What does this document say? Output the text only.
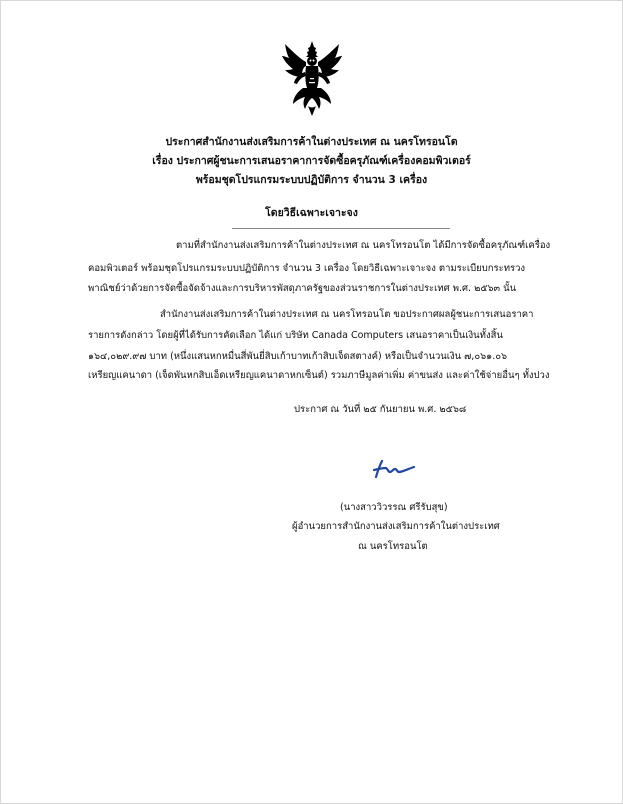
ประกาศสำนักงานส่งเสริมการค้าในต่างประเทศ ณ นครโทรอนโต
เรื่อง ประกาศผู้ชนะการเสนอราคาการจัดซื้อครุภัณฑ์เครื่องคอมพิวเตอร์
พร้อมชุดโปรแกรมระบบปฏิบัติการ จำนวน 3 เครื่อง
โดยวิธีเฉพาะเจาะจง
ตามที่สำนักงานส่งเสริมการค้าในต่างประเทศ ณ นครโทรอนโต ได้มีการจัดซื้อครุภัณฑ์เครื่อง
คอมพิวเตอร์ พร้อมชุดโปรแกรมระบบปฏิบัติการ จำนวน 3 เครื่อง โดยวิธีเฉพาะเจาะจง ตามระเบียบกระทรวง
พาณิชย์ว่าด้วยการจัดซื้อจัดจ้างและการบริหารพัสดุภาครัฐของส่วนราชการในต่างประเทศ พ.ศ. ๒๕๖๓ นั้น
สำนักงานส่งเสริมการค้าในต่างประเทศ ณ นครโทรอนโต ขอประกาศผลผู้ชนะการเสนอราคา
รายการดังกล่าว โดยผู้ที่ได้รับการคัดเลือก ได้แก่ บริษัท Canada Computers เสนอราคาเป็นเงินทั้งสิ้น
๑๖๔,๐๒๙.๙๗ บาท (หนึ่งแสนหกหมื่นสี่พันยี่สิบเก้าบาทเก้าสิบเจ็ดสตางค์) หรือเป็นจำนวนเงิน ๗,๐๖๑.๐๖
เหรียญแคนาดา (เจ็ดพันหกสิบเอ็ดเหรียญแคนาดาหกเซ็นต์) รวมภาษีมูลค่าเพิ่ม ค่าขนส่ง และค่าใช้จ่ายอื่นๆ ทั้งปวง
ประกาศ ณ วันที่ ๒๕ กันยายน พ.ศ. ๒๕๖๘
(นางสาววิวรรณ ศรีรับสุข)
ผู้อำนวยการสำนักงานส่งเสริมการค้าในต่างประเทศ
ณ นครโทรอนโต
